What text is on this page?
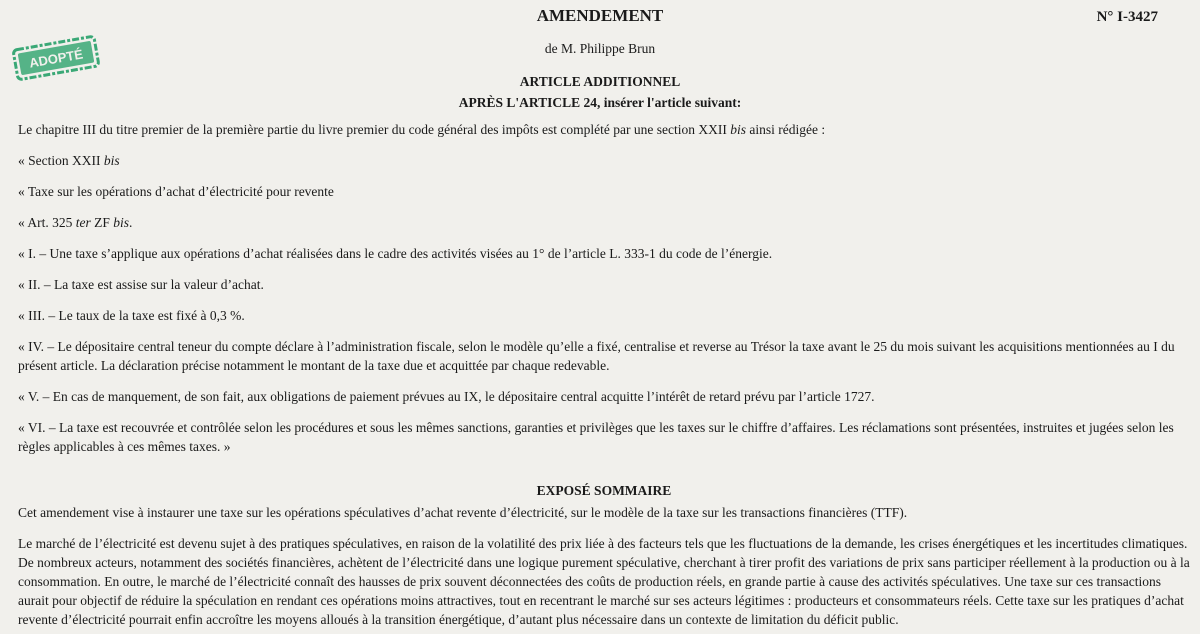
AMENDEMENT	N° I-3427
ADOPTÉ	de M. Philippe Brun
ARTICLE ADDITIONNEL
APRÈS L'ARTICLE 24, insérer l'article suivant:

Le chapitre III du titre premier de la première partie du livre premier du code général des impôts est complété par une section XXII bis ainsi rédigée :

« Section XXII bis

« Taxe sur les opérations d’achat d’électricité pour revente

« Art. 325 ter ZF bis.

« I. – Une taxe s’applique aux opérations d’achat réalisées dans le cadre des activités visées au 1° de l’article L. 333-1 du code de l’énergie.

« II. – La taxe est assise sur la valeur d’achat.

« III. – Le taux de la taxe est fixé à 0,3 %.

« IV. – Le dépositaire central teneur du compte déclare à l’administration fiscale, selon le modèle qu’elle a fixé, centralise et reverse au Trésor la taxe avant le 25 du mois suivant les acquisitions mentionnées au I du présent article. La déclaration précise notamment le montant de la taxe due et acquittée par chaque redevable.

« V. – En cas de manquement, de son fait, aux obligations de paiement prévues au IX, le dépositaire central acquitte l’intérêt de retard prévu par l’article 1727.

« VI. – La taxe est recouvrée et contrôlée selon les procédures et sous les mêmes sanctions, garanties et privilèges que les taxes sur le chiffre d’affaires. Les réclamations sont présentées, instruites et jugées selon les règles applicables à ces mêmes taxes. »

EXPOSÉ SOMMAIRE

Cet amendement vise à instaurer une taxe sur les opérations spéculatives d’achat revente d’électricité, sur le modèle de la taxe sur les transactions financières (TTF).

Le marché de l’électricité est devenu sujet à des pratiques spéculatives, en raison de la volatilité des prix liée à des facteurs tels que les fluctuations de la demande, les crises énergétiques et les incertitudes climatiques. De nombreux acteurs, notamment des sociétés financières, achètent de l’électricité dans une logique purement spéculative, cherchant à tirer profit des variations de prix sans participer réellement à la production ou à la consommation. En outre, le marché de l’électricité connaît des hausses de prix souvent déconnectées des coûts de production réels, en grande partie à cause des activités spéculatives. Une taxe sur ces transactions aurait pour objectif de réduire la spéculation en rendant ces opérations moins attractives, tout en recentrant le marché sur ses acteurs légitimes : producteurs et consommateurs réels. Cette taxe sur les pratiques d’achat revente d’électricité pourrait enfin accroître les moyens alloués à la transition énergétique, d’autant plus nécessaire dans un contexte de limitation du déficit public.
